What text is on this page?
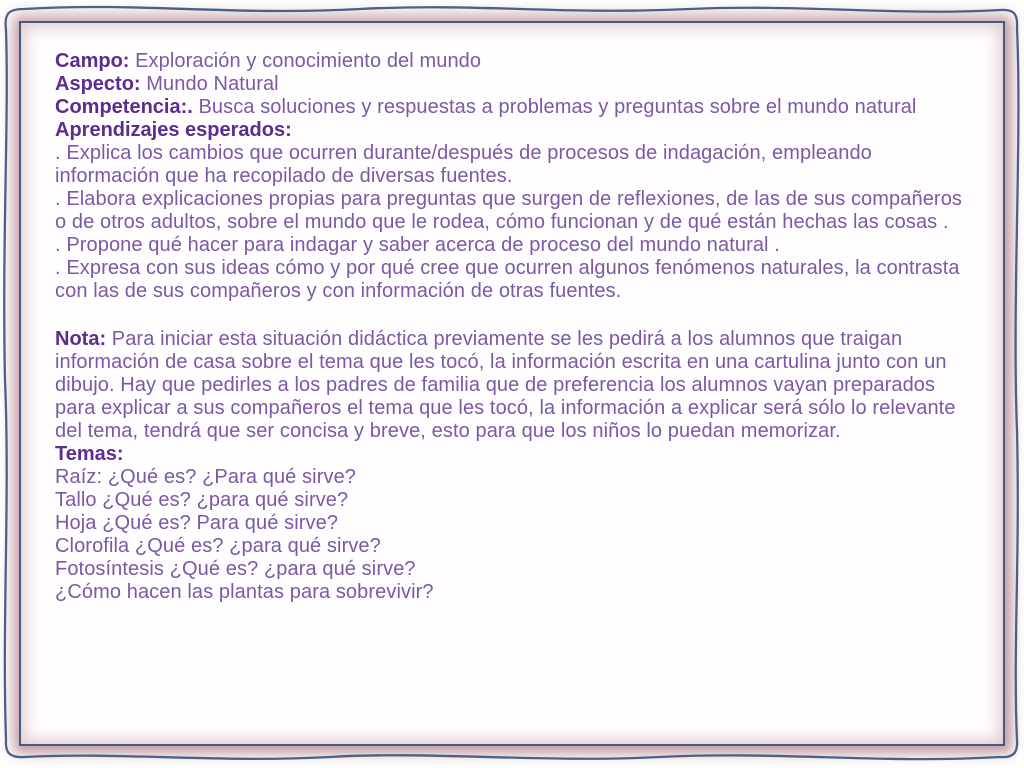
Campo: Exploración y conocimiento del mundo

Aspecto: Mundo Natural

Competencia:. Busca soluciones y respuestas a problemas y preguntas sobre el mundo natural

Aprendizajes esperados:

. Explica los cambios que ocurren durante/después de procesos de indagación, empleando información que ha recopilado de diversas fuentes.

. Elabora explicaciones propias para preguntas que surgen de reflexiones, de las de sus compañeros o de otros adultos, sobre el mundo que le rodea, cómo funcionan y de qué están hechas las cosas .

. Propone qué hacer para indagar y saber acerca de proceso del mundo natural .

. Expresa con sus ideas cómo y por qué cree que ocurren algunos fenómenos naturales, la contrasta con las de sus compañeros y con información de otras fuentes.

Nota: Para iniciar esta situación didáctica previamente se les pedirá a los alumnos que traigan información de casa sobre el tema que les tocó, la información escrita en una cartulina junto con un dibujo. Hay que pedirles a los padres de familia que de preferencia los alumnos vayan preparados para explicar a sus compañeros el tema que les tocó, la información a explicar será sólo lo relevante del tema, tendrá que ser concisa y breve, esto para que los niños lo puedan memorizar.

Temas:

Raíz: ¿Qué es? ¿Para qué sirve?

Tallo ¿Qué es? ¿para qué sirve?

Hoja ¿Qué es? Para qué sirve?

Clorofila ¿Qué es? ¿para qué sirve?

Fotosíntesis ¿Qué es? ¿para qué sirve?

¿Cómo hacen las plantas para sobrevivir?
